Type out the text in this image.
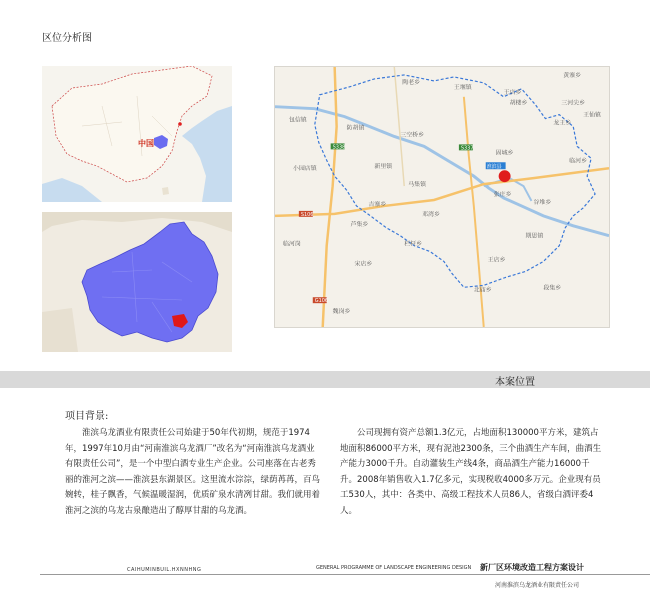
区位分析图
中国	S338	S337
S106
G106
陶老乡
王堰镇
王店乡
黄寨乡
胡楼乡
龙王乡
三河尖乡
王仙镇
防胡镇
三空桥乡
包信镇
临河乡
新里镇
小园店镇
马集镇
固城乡
张庄乡
谷堆乡
吉寨乡
邓湾乡
期思镇
芦集乡
临河岗
王店乡
宋店乡
北庙乡	段集乡
栏杆乡
魏岗乡
淮滨县
本案位置
项目背景:

淮滨乌龙酒业有限责任公司始建于50年代初期，规范于1974年，1997年10月由“河南淮滨乌龙酒厂”改名为“河南淮滨乌龙酒业有限责任公司”，是一个中型白酒专业生产企业。公司座落在古老秀丽的淮河之滨——淮滨县东湖景区。这里流水淙淙，绿荫苒苒，百鸟婉转，桂子飘香，气候温暖湿润，优质矿泉水清冽甘甜。我们就用着淮河之滨的乌龙古泉酿造出了醇厚甘甜的乌龙酒。

公司现拥有资产总额1.3亿元，占地面积130000平方米，建筑占地面积86000平方米，现有泥池2300条，三个曲酒生产车间，曲酒生产能力3000千升。自动灌装生产线4条，商品酒生产能力16000千升。2008年销售收入1.7亿多元，实现税收4000多万元。企业现有员工530人，其中：各类中、高级工程技术人员86人，省级白酒评委4人。

CAIHUMINBUIL.HXNNHNG	GENERAL PROGRAMME OF LANDSCAPE ENGINEERING DESIGN 新厂区环境改造工程方案设计
河南淮滨乌龙酒业有限责任公司
